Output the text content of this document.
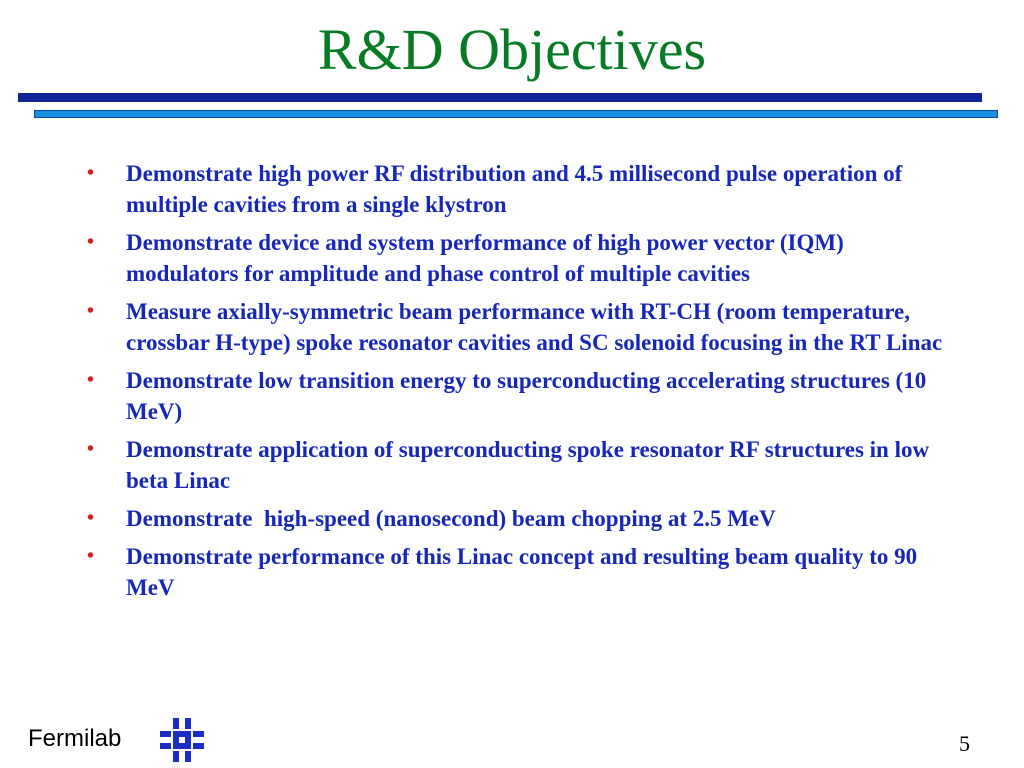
R&D Objectives
• Demonstrate high power RF distribution and 4.5 millisecond pulse operation of multiple cavities from a single klystron
• Demonstrate device and system performance of high power vector (IQM) modulators for amplitude and phase control of multiple cavities
• Measure axially-symmetric beam performance with RT-CH (room temperature, crossbar H-type) spoke resonator cavities and SC solenoid focusing in the RT Linac
• Demonstrate low transition energy to superconducting accelerating structures (10 MeV)
• Demonstrate application of superconducting spoke resonator RF structures in low beta Linac
• Demonstrate  high-speed (nanosecond) beam chopping at 2.5 MeV
• Demonstrate performance of this Linac concept and resulting beam quality to 90 MeV
Fermilab	5
